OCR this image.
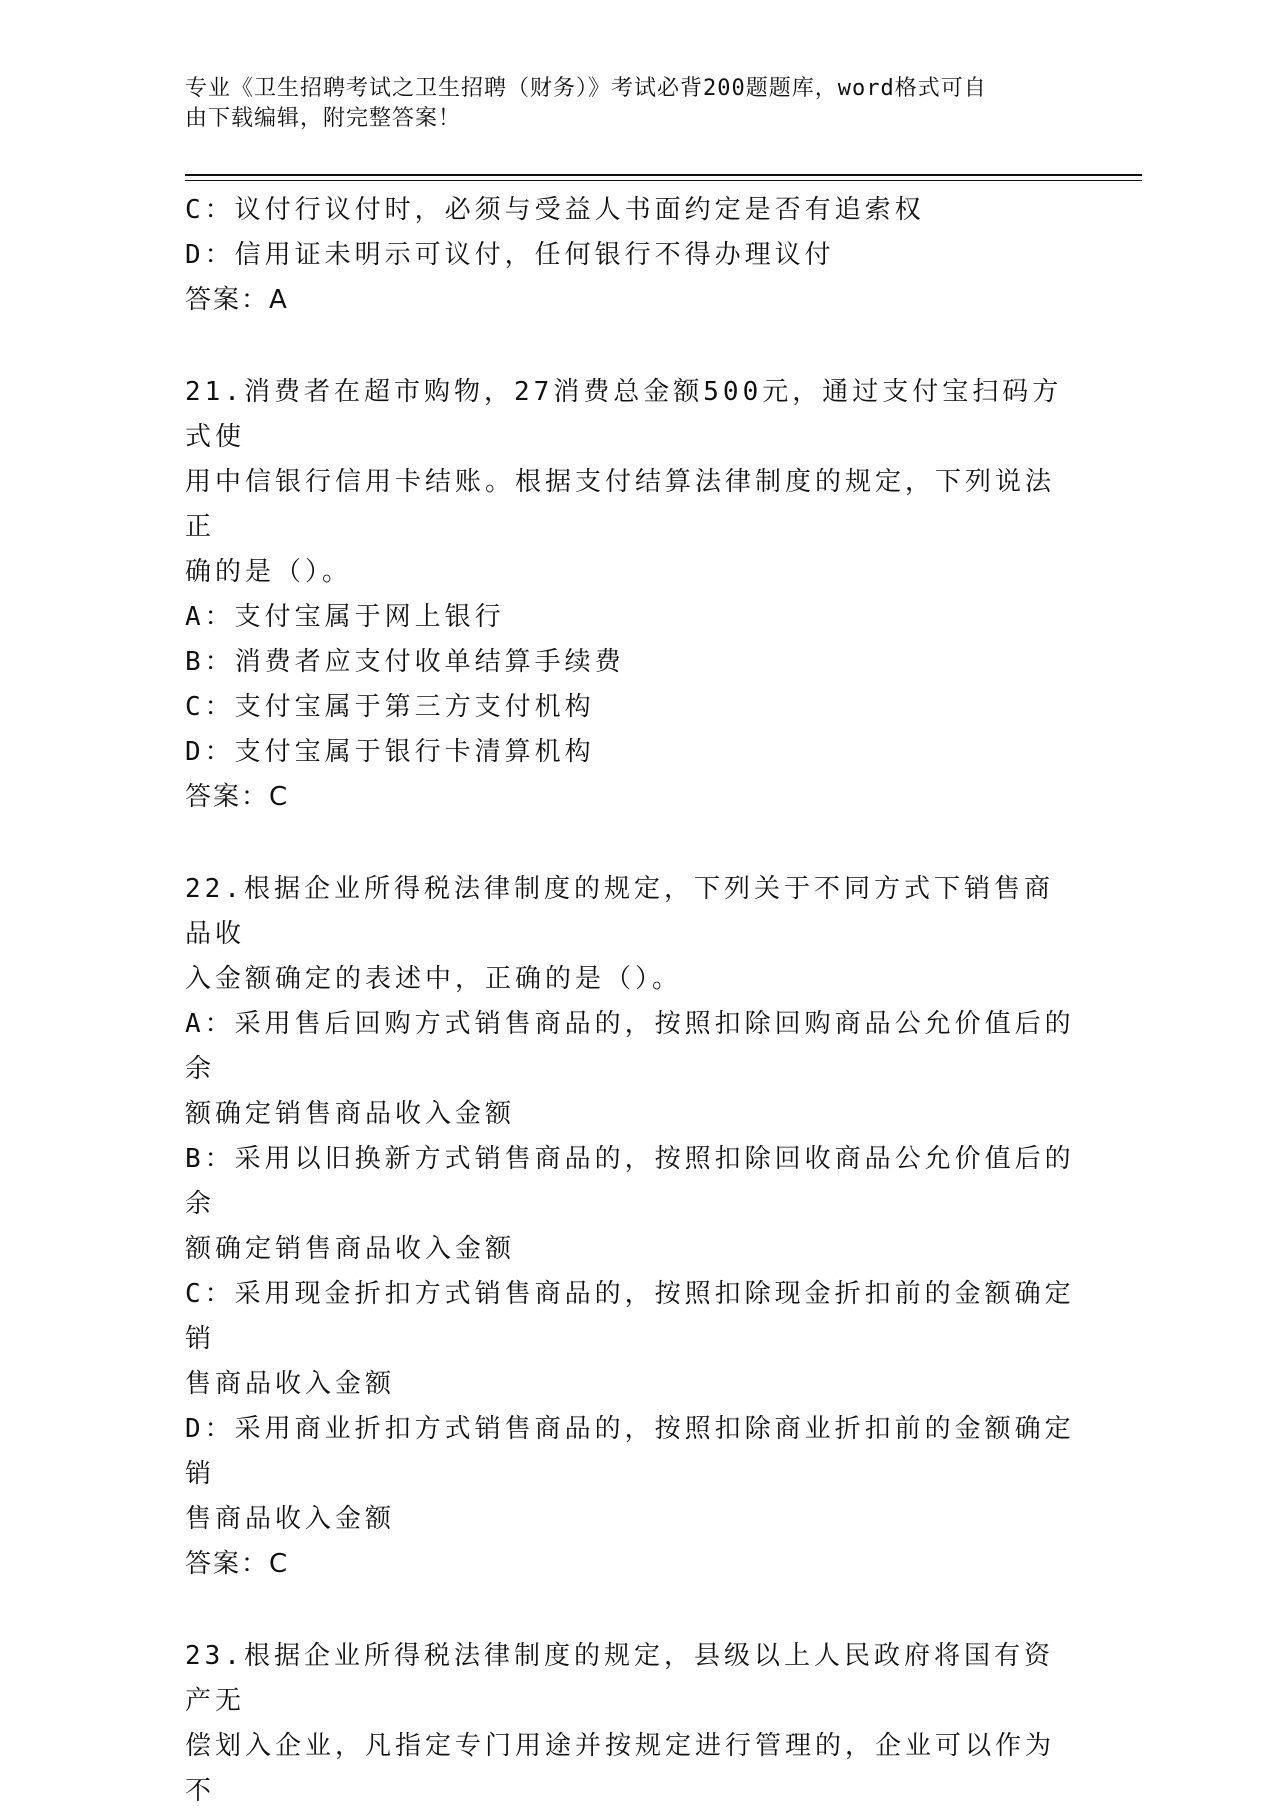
专业《卫生招聘考试之卫生招聘（财务）》考试必背200题题库，word格式可自
由下载编辑，附完整答案！

C：议付行议付时，必须与受益人书面约定是否有追索权

D：信用证未明示可议付，任何银行不得办理议付

答案：A

21.消费者在超市购物，27消费总金额500元，通过支付宝扫码方式使

用中信银行信用卡结账。根据支付结算法律制度的规定，下列说法正

确的是（）。

A：支付宝属于网上银行

B：消费者应支付收单结算手续费

C：支付宝属于第三方支付机构

D：支付宝属于银行卡清算机构

答案：C

22.根据企业所得税法律制度的规定，下列关于不同方式下销售商品收

入金额确定的表述中，正确的是（）。

A：采用售后回购方式销售商品的，按照扣除回购商品公允价值后的余

额确定销售商品收入金额

B：采用以旧换新方式销售商品的，按照扣除回收商品公允价值后的余

额确定销售商品收入金额

C：采用现金折扣方式销售商品的，按照扣除现金折扣前的金额确定销

售商品收入金额

D：采用商业折扣方式销售商品的，按照扣除商业折扣前的金额确定销

售商品收入金额

答案：C

23.根据企业所得税法律制度的规定，县级以上人民政府将国有资产无

偿划入企业，凡指定专门用途并按规定进行管理的，企业可以作为不
